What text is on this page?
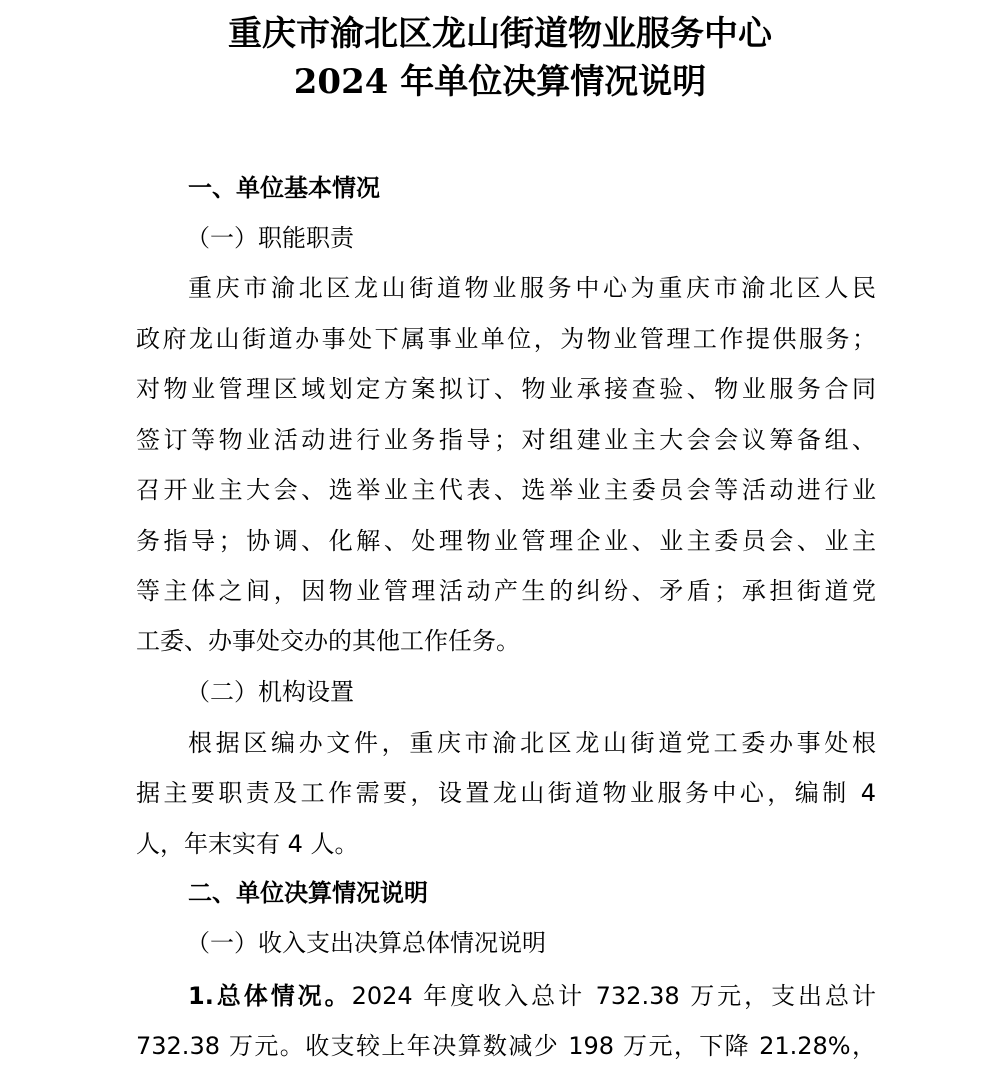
重庆市渝北区龙山街道物业服务中心
2024 年单位决算情况说明

一、单位基本情况

（一）职能职责

重庆市渝北区龙山街道物业服务中心为重庆市渝北区人民

政府龙山街道办事处下属事业单位，为物业管理工作提供服务；

对物业管理区域划定方案拟订、物业承接查验、物业服务合同

签订等物业活动进行业务指导；对组建业主大会会议筹备组、

召开业主大会、选举业主代表、选举业主委员会等活动进行业

务指导；协调、化解、处理物业管理企业、业主委员会、业主

等主体之间，因物业管理活动产生的纠纷、矛盾；承担街道党

工委、办事处交办的其他工作任务。

（二）机构设置

根据区编办文件，重庆市渝北区龙山街道党工委办事处根

据主要职责及工作需要，设置龙山街道物业服务中心，编制 4

人，年末实有 4 人。

二、单位决算情况说明

（一）收入支出决算总体情况说明

1.总体情况。2024 年度收入总计 732.38 万元，支出总计

732.38 万元。收支较上年决算数减少 198 万元，下降 21.28%，
